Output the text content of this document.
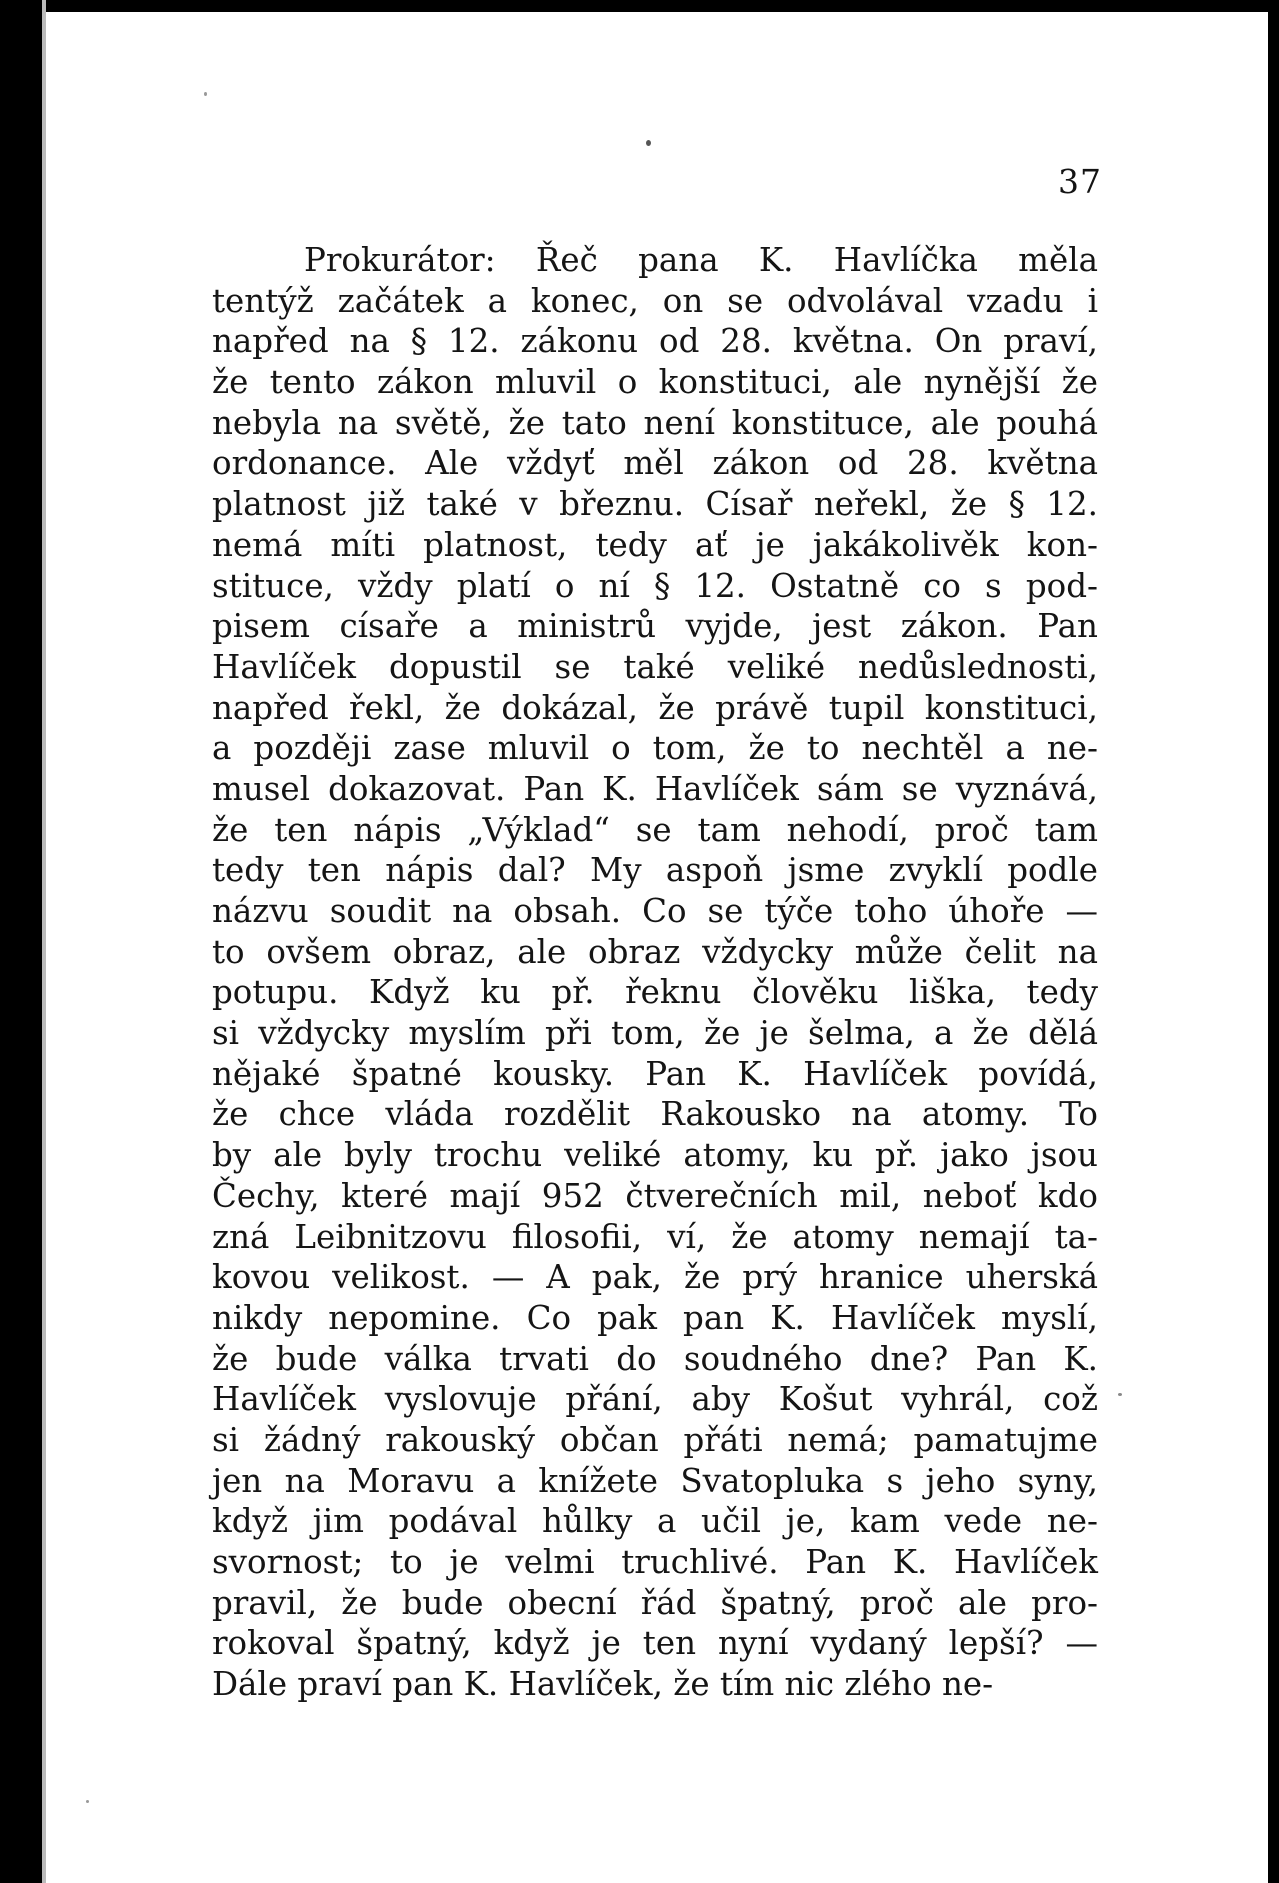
37
Prokurátor: Řeč pana K. Havlíčka měla
tentýž začátek a konec, on se odvolával vzadu i
napřed na § 12. zákonu od 28. května. On praví,
že tento zákon mluvil o konstituci, ale nynější že
nebyla na světě, že tato není konstituce, ale pouhá
ordonance. Ale vždyť měl zákon od 28. května
platnost již také v březnu. Císař neřekl, že § 12.
nemá míti platnost, tedy ať je jakákolivěk kon-
stituce, vždy platí o ní § 12. Ostatně co s pod-
pisem císaře a ministrů vyjde, jest zákon. Pan
Havlíček dopustil se také veliké nedůslednosti,
napřed řekl, že dokázal, že právě tupil konstituci,
a později zase mluvil o tom, že to nechtěl a ne-
musel dokazovat. Pan K. Havlíček sám se vyznává,
že ten nápis „Výklad“ se tam nehodí, proč tam
tedy ten nápis dal? My aspoň jsme zvyklí podle
názvu soudit na obsah. Co se týče toho úhoře —
to ovšem obraz, ale obraz vždycky může čelit na
potupu. Když ku př. řeknu člověku liška, tedy
si vždycky myslím při tom, že je šelma, a že dělá
nějaké špatné kousky. Pan K. Havlíček povídá,
že chce vláda rozdělit Rakousko na atomy. To
by ale byly trochu veliké atomy, ku př. jako jsou
Čechy, které mají 952 čtverečních mil, neboť kdo
zná Leibnitzovu filosofii, ví, že atomy nemají ta-
kovou velikost. — A pak, že prý hranice uherská
nikdy nepomine. Co pak pan K. Havlíček myslí,
že bude válka trvati do soudného dne? Pan K.
Havlíček vyslovuje přání, aby Košut vyhrál, což
si žádný rakouský občan přáti nemá; pamatujme
jen na Moravu a knížete Svatopluka s jeho syny,
když jim podával hůlky a učil je, kam vede ne-
svornost; to je velmi truchlivé. Pan K. Havlíček
pravil, že bude obecní řád špatný, proč ale pro-
rokoval špatný, když je ten nyní vydaný lepší? —
Dále praví pan K. Havlíček, že tím nic zlého ne-
